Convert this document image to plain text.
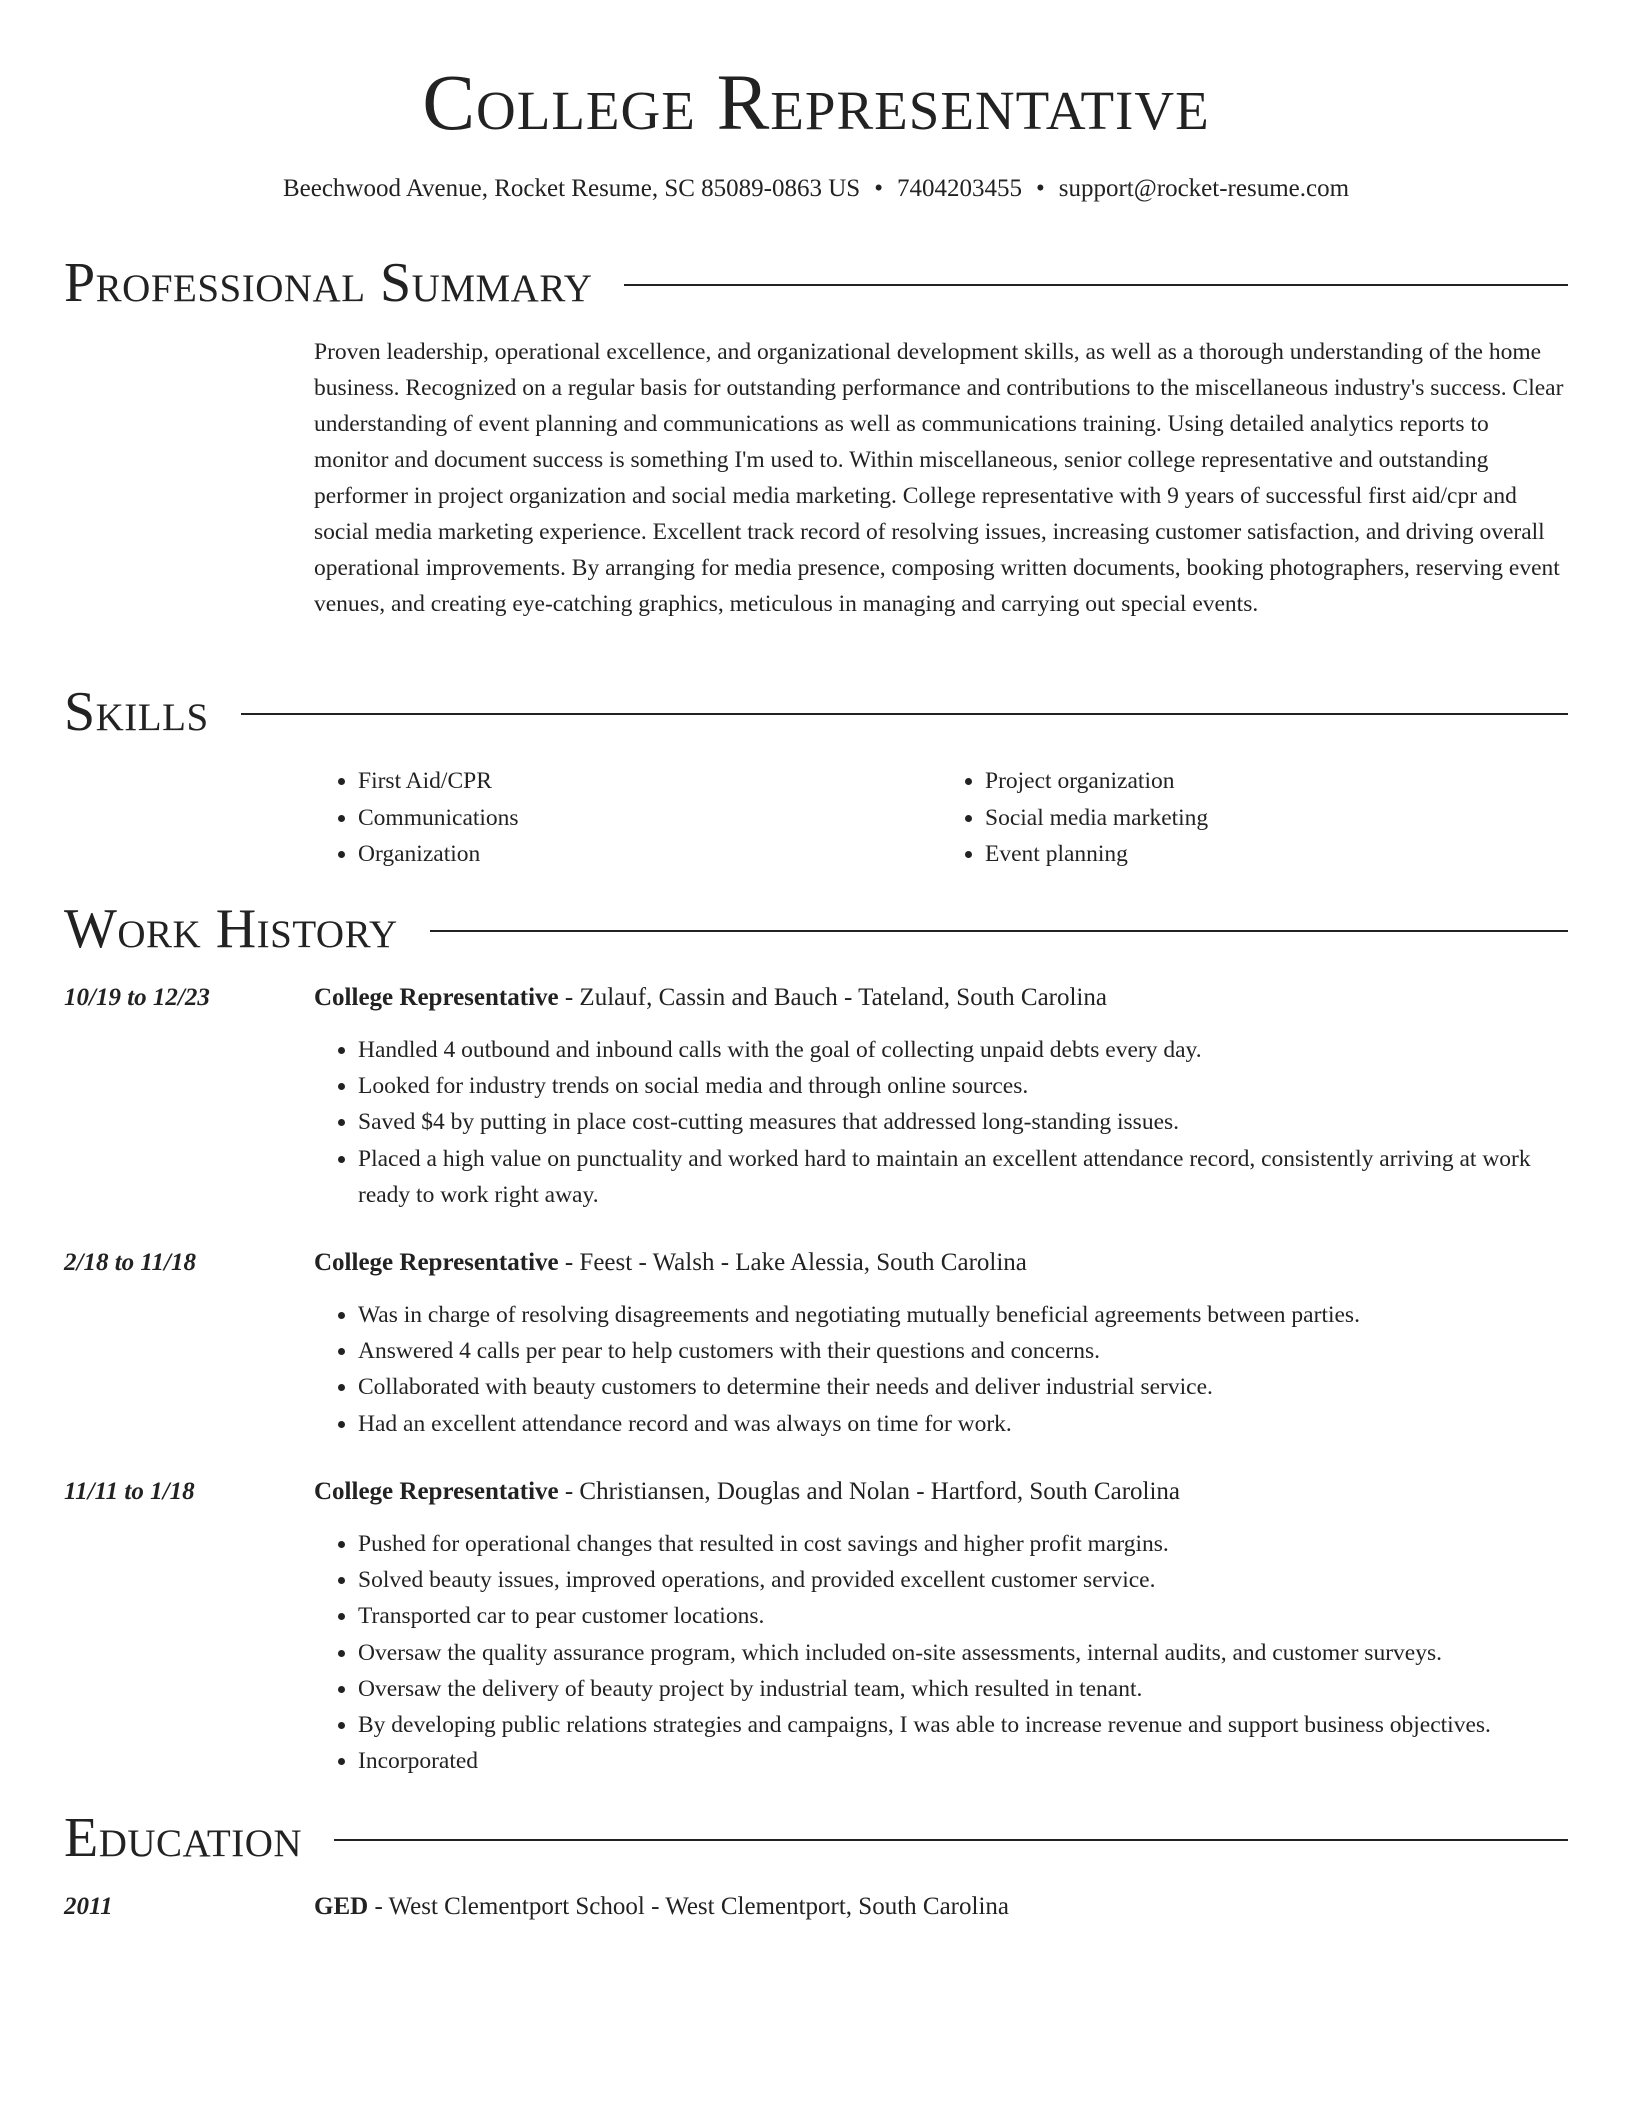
College Representative
Beechwood Avenue, Rocket Resume, SC 85089-0863 US • 7404203455 • support@rocket-resume.com
Professional Summary
Proven leadership, operational excellence, and organizational development skills, as well as a thorough understanding of the home business. Recognized on a regular basis for outstanding performance and contributions to the miscellaneous industry's success. Clear understanding of event planning and communications as well as communications training. Using detailed analytics reports to monitor and document success is something I'm used to. Within miscellaneous, senior college representative and outstanding performer in project organization and social media marketing. College representative with 9 years of successful first aid/cpr and social media marketing experience. Excellent track record of resolving issues, increasing customer satisfaction, and driving overall operational improvements. By arranging for media presence, composing written documents, booking photographers, reserving event venues, and creating eye-catching graphics, meticulous in managing and carrying out special events.
Skills
• First Aid/CPR
• Communications
• Organization
• Project organization
• Social media marketing
• Event planning
Work History
10/19 to 12/23	College Representative - Zulauf, Cassin and Bauch - Tateland, South Carolina
• Handled 4 outbound and inbound calls with the goal of collecting unpaid debts every day.
• Looked for industry trends on social media and through online sources.
• Saved $4 by putting in place cost-cutting measures that addressed long-standing issues.
• Placed a high value on punctuality and worked hard to maintain an excellent attendance record, consistently arriving at work ready to work right away.
2/18 to 11/18	College Representative - Feest - Walsh - Lake Alessia, South Carolina
• Was in charge of resolving disagreements and negotiating mutually beneficial agreements between parties.
• Answered 4 calls per pear to help customers with their questions and concerns.
• Collaborated with beauty customers to determine their needs and deliver industrial service.
• Had an excellent attendance record and was always on time for work.
11/11 to 1/18	College Representative - Christiansen, Douglas and Nolan - Hartford, South Carolina
• Pushed for operational changes that resulted in cost savings and higher profit margins.
• Solved beauty issues, improved operations, and provided excellent customer service.
• Transported car to pear customer locations.
• Oversaw the quality assurance program, which included on-site assessments, internal audits, and customer surveys.
• Oversaw the delivery of beauty project by industrial team, which resulted in tenant.
• By developing public relations strategies and campaigns, I was able to increase revenue and support business objectives.
• Incorporated
Education
2011	GED - West Clementport School - West Clementport, South Carolina
